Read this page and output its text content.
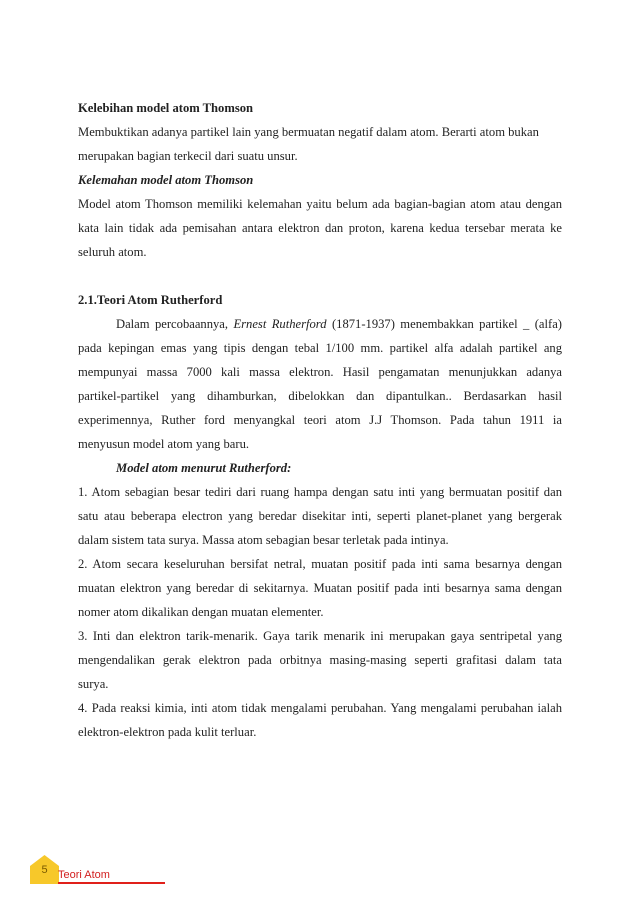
Kelebihan model atom Thomson
Membuktikan adanya partikel lain yang bermuatan negatif dalam atom. Berarti atom bukan
merupakan bagian terkecil dari suatu unsur.
Kelemahan model atom Thomson
Model atom Thomson memiliki kelemahan yaitu belum ada bagian-bagian atom atau dengan
kata lain tidak ada pemisahan antara elektron dan proton, karena kedua tersebar merata ke
seluruh atom.
2.1.Teori Atom Rutherford
Dalam percobaannya, Ernest Rutherford (1871-1937) menembakkan partikel _ (alfa)
pada kepingan emas yang tipis dengan tebal 1/100 mm. partikel alfa adalah partikel ang
mempunyai massa 7000 kali massa elektron. Hasil pengamatan menunjukkan adanya
partikel-partikel yang dihamburkan, dibelokkan dan dipantulkan.. Berdasarkan hasil
experimennya, Ruther ford menyangkal teori atom J.J Thomson. Pada tahun 1911 ia
menyusun model atom yang baru.
Model atom menurut Rutherford:
1. Atom sebagian besar tediri dari ruang hampa dengan satu inti yang bermuatan positif dan
satu atau beberapa electron yang beredar disekitar inti, seperti planet-planet yang bergerak
dalam sistem tata surya. Massa atom sebagian besar terletak pada intinya.
2. Atom secara keseluruhan bersifat netral, muatan positif pada inti sama besarnya dengan
muatan elektron yang beredar di sekitarnya. Muatan positif pada inti besarnya sama dengan
nomer atom dikalikan dengan muatan elementer.
3. Inti dan elektron tarik-menarik. Gaya tarik menarik ini merupakan gaya sentripetal yang
mengendalikan gerak elektron pada orbitnya masing-masing seperti grafitasi dalam tata
surya.
4. Pada reaksi kimia, inti atom tidak mengalami perubahan. Yang mengalami perubahan ialah
elektron-elektron pada kulit terluar.
5 Teori Atom
